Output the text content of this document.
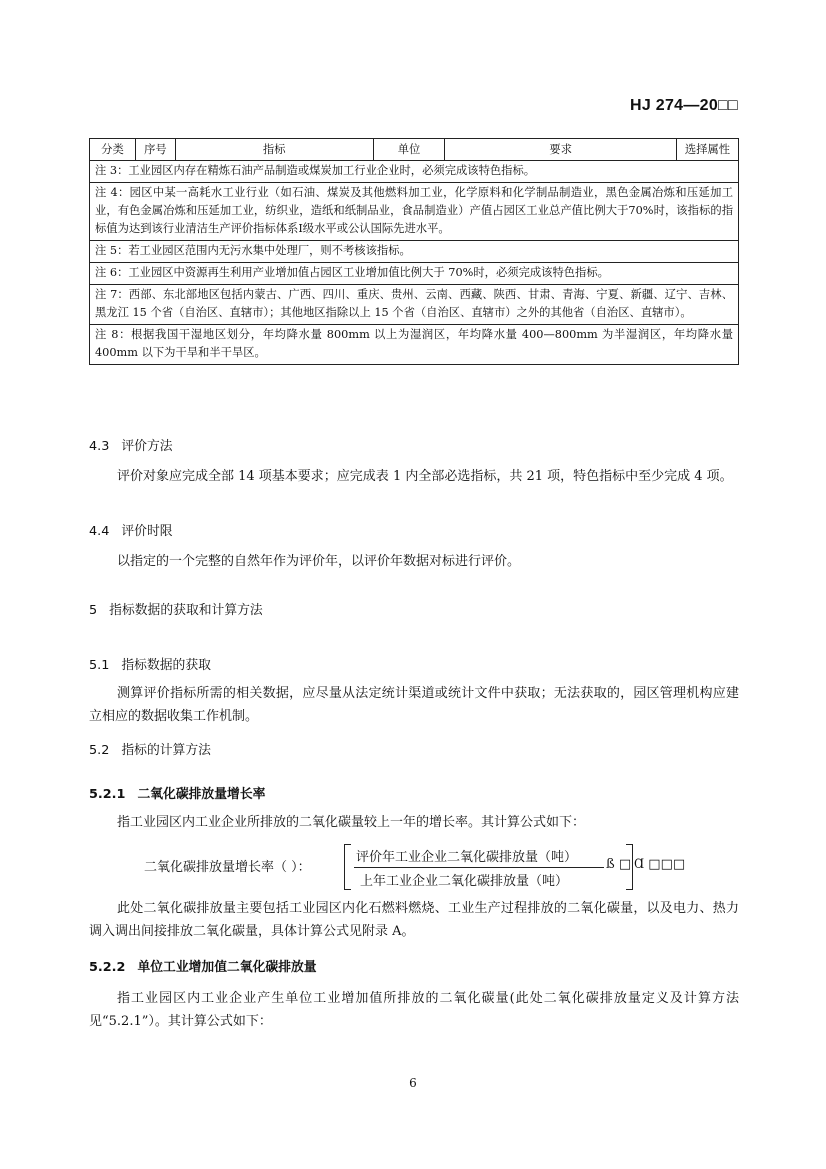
HJ 274—20□□
分类	序号	指标	单位	要求	选择属性
注 3：工业园区内存在精炼石油产品制造或煤炭加工行业企业时，必须完成该特色指标。
注 4：园区中某一高耗水工业行业（如石油、煤炭及其他燃料加工业，化学原料和化学制品制造业，黑色金属冶炼和压延加工业，有色金属冶炼和压延加工业，纺织业，造纸和纸制品业，食品制造业）产值占园区工业总产值比例大于70%时，该指标的指标值为达到该行业清洁生产评价指标体系Ⅰ级水平或公认国际先进水平。
注 5：若工业园区范围内无污水集中处理厂，则不考核该指标。
注 6：工业园区中资源再生利用产业增加值占园区工业增加值比例大于 70%时，必须完成该特色指标。
注 7：西部、东北部地区包括内蒙古、广西、四川、重庆、贵州、云南、西藏、陕西、甘肃、青海、宁夏、新疆、辽宁、吉林、黑龙江 15 个省（自治区、直辖市）；其他地区指除以上 15 个省（自治区、直辖市）之外的其他省（自治区、直辖市）。
注 8：根据我国干湿地区划分，年均降水量 800mm 以上为湿润区，年均降水量 400—800mm 为半湿润区，年均降水量 400mm 以下为干旱和半干旱区。
4.3 评价方法
评价对象应完成全部 14 项基本要求；应完成表 1 内全部必选指标，共 21 项，特色指标中至少完成 4 项。
4.4 评价时限
以指定的一个完整的自然年作为评价年，以评价年数据对标进行评价。
5 指标数据的获取和计算方法
5.1 指标数据的获取
测算评价指标所需的相关数据，应尽量从法定统计渠道或统计文件中获取；无法获取的，园区管理机构应建立相应的数据收集工作机制。
5.2 指标的计算方法
5.2.1 二氧化碳排放量增长率
指工业园区内工业企业所排放的二氧化碳量较上一年的增长率。其计算公式如下：
二氧化碳排放量增长率（ ）：
评价年工业企业二氧化碳排放量（吨）
上年工业企业二氧化碳排放量（吨）
ß □ Ɑ □□□
此处二氧化碳排放量主要包括工业园区内化石燃料燃烧、工业生产过程排放的二氧化碳量，以及电力、热力调入调出间接排放二氧化碳量，具体计算公式见附录 A。
5.2.2 单位工业增加值二氧化碳排放量
指工业园区内工业企业产生单位工业增加值所排放的二氧化碳量(此处二氧化碳排放量定义及计算方法见“5.2.1”）。其计算公式如下：
6
